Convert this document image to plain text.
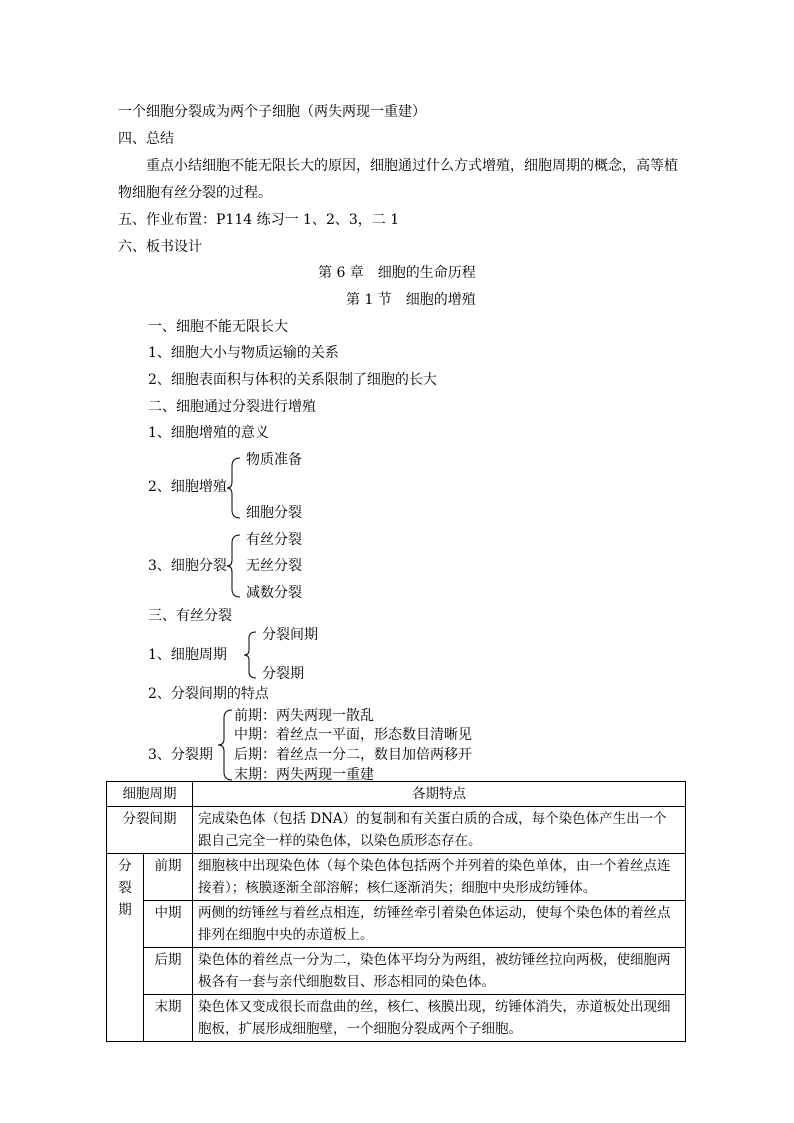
一个细胞分裂成为两个子细胞（两失两现一重建）
四、总结
重点小结细胞不能无限长大的原因，细胞通过什么方式增殖，细胞周期的概念，高等植
物细胞有丝分裂的过程。
五、作业布置：P114 练习一 1、2、3，二 1
六、板书设计
第 6 章　细胞的生命历程
第 1 节　细胞的增殖
一、细胞不能无限长大
1、细胞大小与物质运输的关系
2、细胞表面积与体积的关系限制了细胞的长大
二、细胞通过分裂进行增殖
1、细胞增殖的意义
2、细胞增殖
物质准备
细胞分裂
3、细胞分裂
有丝分裂
无丝分裂
减数分裂
三、有丝分裂
1、细胞周期
分裂间期
分裂期
2、分裂间期的特点
3、分裂期
前期：两失两现一散乱
中期：着丝点一平面，形态数目清晰见
后期：着丝点一分二，数目加倍两移开
末期：两失两现一重建
细胞周期		各期特点
分裂间期		完成染色体（包括 DNA）的复制和有关蛋白质的合成，每个染色体产生出一个跟自己完全一样的染色体，以染色质形态存在。

分
裂
期	前期	细胞核中出现染色体（每个染色体包括两个并列着的染色单体，由一个着丝点连接着）；核膜逐渐全部溶解；核仁逐渐消失；细胞中央形成纺锤体。
	中期	两侧的纺锤丝与着丝点相连，纺锤丝牵引着染色体运动，使每个染色体的着丝点排列在细胞中央的赤道板上。
	后期	染色体的着丝点一分为二，染色体平均分为两组，被纺锤丝拉向两极，使细胞两极各有一套与亲代细胞数目、形态相同的染色体。
	末期	染色体又变成很长而盘曲的丝，核仁、核膜出现，纺锤体消失，赤道板处出现细胞板，扩展形成细胞壁，一个细胞分裂成两个子细胞。
